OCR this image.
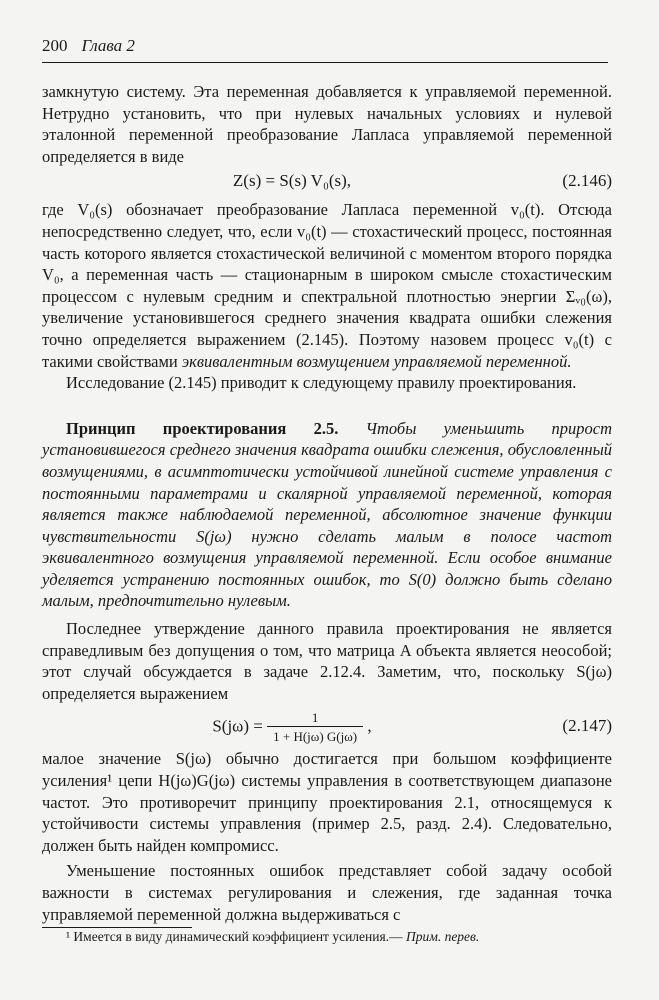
200 Глава 2

замкнутую систему. Эта переменная добавляется к управляемой переменной. Нетрудно установить, что при нулевых начальных условиях и нулевой эталонной переменной преобразование Лапласа управляемой переменной определяется в виде

Z(s) = S(s) V₀(s),	(2.146)

где V₀(s) обозначает преобразование Лапласа переменной v₀(t). Отсюда непосредственно следует, что, если v₀(t) — стохастический процесс, постоянная часть которого является стохастической величиной с моментом второго порядка V₀, а переменная часть — стационарным в широком смысле стохастическим процессом с нулевым средним и спектральной плотностью энергии Σᵥ₀(ω), увеличение установившегося среднего значения квадрата ошибки слежения точно определяется выражением (2.145). Поэтому назовем процесс v₀(t) с такими свойствами эквивалентным возмущением управляемой переменной.

Исследование (2.145) приводит к следующему правилу проектирования.

Принцип проектирования 2.5. Чтобы уменьшить прирост установившегося среднего значения квадрата ошибки слежения, обусловленный возмущениями, в асимптотически устойчивой линейной системе управления с постоянными параметрами и скалярной управляемой переменной, которая является также наблюдаемой переменной, абсолютное значение функции чувствительности S(jω) нужно сделать малым в полосе частот эквивалентного возмущения управляемой переменной. Если особое внимание уделяется устранению постоянных ошибок, то S(0) должно быть сделано малым, предпочтительно нулевым.

Последнее утверждение данного правила проектирования не является справедливым без допущения о том, что матрица A объекта является неособой; этот случай обсуждается в задаче 2.12.4. Заметим, что, поскольку S(jω) определяется выражением

$S(j\omega) = \frac{1}{1 + H(j\omega) G(j\omega)}$ ,	(2.147)

малое значение S(jω) обычно достигается при большом коэффициенте усиления¹ цепи H(jω)G(jω) системы управления в соответствующем диапазоне частот. Это противоречит принципу проектирования 2.1, относящемуся к устойчивости системы управления (пример 2.5, разд. 2.4). Следовательно, должен быть найден компромисс.

Уменьшение постоянных ошибок представляет собой задачу особой важности в системах регулирования и слежения, где заданная точка управляемой переменной должна выдерживаться с

¹ Имеется в виду динамический коэффициент усиления.— Прим. перев.
